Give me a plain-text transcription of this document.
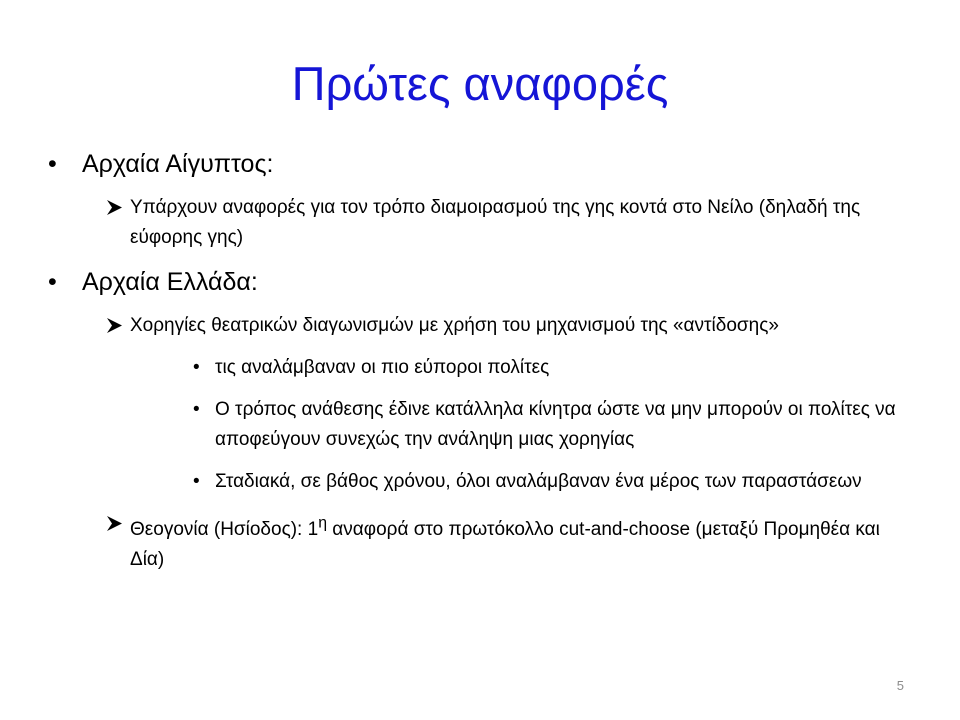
Πρώτες αναφορές
•	Αρχαία Αίγυπτος:
Υπάρχουν αναφορές για τον τρόπο διαμοιρασμού της γης κοντά στο Νείλο (δηλαδή της εύφορης γης)
•	Αρχαία Ελλάδα:
Χορηγίες θεατρικών διαγωνισμών με χρήση του μηχανισμού της «αντίδοσης»
• τις αναλάμβαναν οι πιο εύποροι πολίτες
• Ο τρόπος ανάθεσης έδινε κατάλληλα κίνητρα ώστε να μην μπορούν οι πολίτες να αποφεύγουν συνεχώς την ανάληψη μιας χορηγίας
• Σταδιακά, σε βάθος χρόνου, όλοι αναλάμβαναν ένα μέρος των παραστάσεων
Θεογονία (Ησίοδος): $1^\eta$ αναφορά στο πρωτόκολλο cut-and-choose (μεταξύ Προμηθέα και Δία)
5
